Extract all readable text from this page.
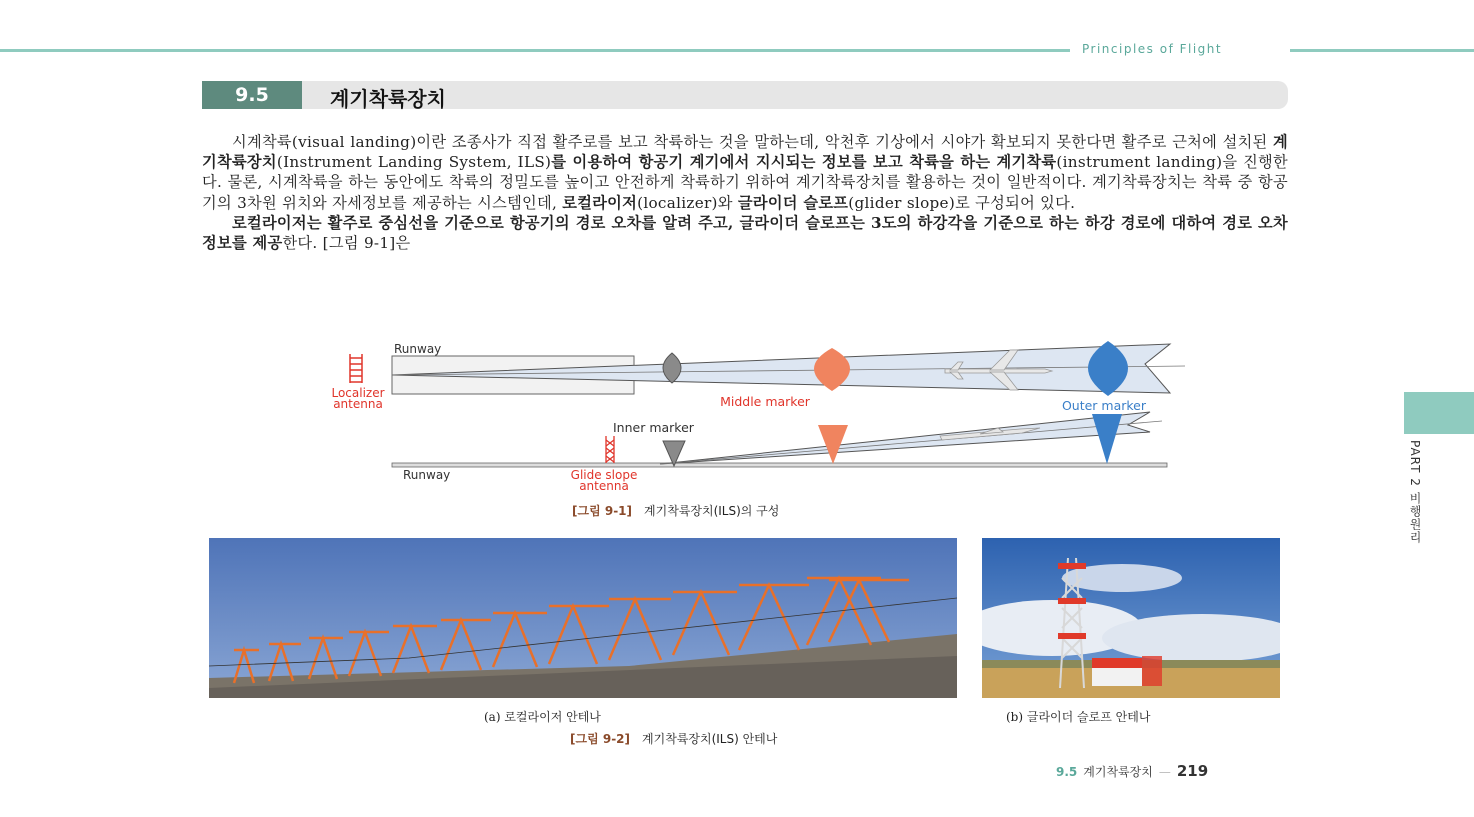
Principles of Flight
9.5	계기착륙장치

시계착륙(visual landing)이란 조종사가 직접 활주로를 보고 착륙하는 것을 말하는데, 악천후 기상에서 시야가 확보되지 못한다면 활주로 근처에 설치된 계기착륙장치(Instrument Landing System, ILS)를 이용하여 항공기 계기에서 지시되는 정보를 보고 착륙을 하는 계기착륙(instrument landing)을 진행한다. 물론, 시계착륙을 하는 동안에도 착륙의 정밀도를 높이고 안전하게 착륙하기 위하여 계기착륙장치를 활용하는 것이 일반적이다. 계기착륙장치는 착륙 중 항공기의 3차원 위치와 자세정보를 제공하는 시스템인데, 로컬라이저(localizer)와 글라이더 슬로프(glider slope)로 구성되어 있다.

로컬라이저는 활주로 중심선을 기준으로 항공기의 경로 오차를 알려 주고, 글라이더 슬로프는 3도의 하강각을 기준으로 하는 하강 경로에 대하여 경로 오차정보를 제공한다. [그림 9-1]은

Runway
Localizer
antenna	Middle marker	Outer marker
Inner marker
Runway	Glide slope
antenna
[그림 9-1] 계기착륙장치(ILS)의 구성
(a) 로컬라이저 안테나	(b) 글라이더 슬로프 안테나
[그림 9-2] 계기착륙장치(ILS) 안테나
PART 2 비행원리
9.5 계기착륙장치 — 219
